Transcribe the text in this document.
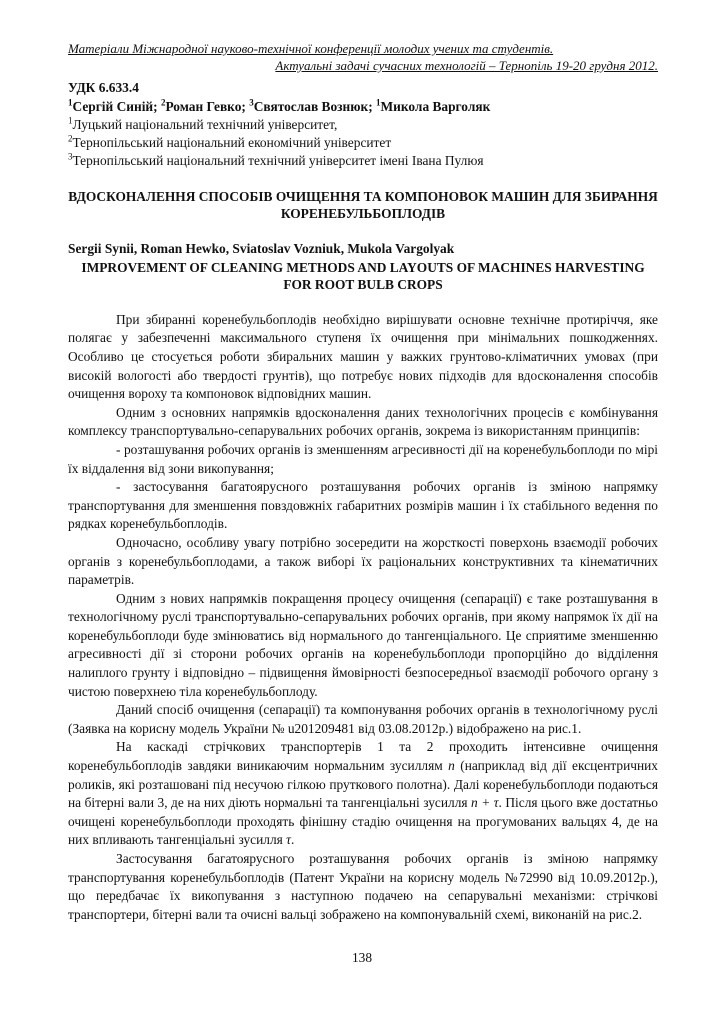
Матеріали Міжнародної науково-технічної конференції молодих учених та студентів.
Актуальні задачі сучасних технологій – Тернопіль 19-20 грудня 2012.
УДК 6.633.4
$^1$Сергій Синій; $^2$Роман Гевко; $^3$Святослав Вознюк; $^1$Микола Варголяк
$^1$Луцький національний технічний університет,
$^2$Тернопільський національний економічний університет
$^3$Тернопільський національний технічний університет імені Івана Пулюя
ВДОСКОНАЛЕННЯ СПОСОБІВ ОЧИЩЕННЯ ТА КОМПОНОВОК МАШИН ДЛЯ ЗБИРАННЯ КОРЕНЕБУЛЬБОПЛОДІВ
Sergii Synii, Roman Hewko, Sviatoslav Vozniuk, Mukola Vargolyak
IMPROVEMENT OF CLEANING METHODS AND LAYOUTS OF MACHINES HARVESTING FOR ROOT BULB CROPS

При збиранні коренебульбоплодів необхідно вирішувати основне технічне протиріччя, яке полягає у забезпеченні максимального ступеня їх очищення при мінімальних пошкодженнях. Особливо це стосується роботи збиральних машин у важких грунтово-кліматичних умовах (при високій вологості або твердості грунтів), що потребує нових підходів для вдосконалення способів очищення вороху та компоновок відповідних машин.

Одним з основних напрямків вдосконалення даних технологічних процесів є комбінування комплексу транспортувально-сепарувальних робочих органів, зокрема із використанням принципів:

- розташування робочих органів із зменшенням агресивності дії на коренебульбоплоди по мірі їх віддалення від зони викопування;

- застосування багатоярусного розташування робочих органів із зміною напрямку транспортування для зменшення повздовжніх габаритних розмірів машин і їх стабільного ведення по рядках коренебульбоплодів.

Одночасно, особливу увагу потрібно зосередити на жорсткості поверхонь взаємодії робочих органів з коренебульбоплодами, а також виборі їх раціональних конструктивних та кінематичних параметрів.

Одним з нових напрямків покращення процесу очищення (сепарації) є таке розташування в технологічному руслі транспортувально-сепарувальних робочих органів, при якому напрямок їх дії на коренебульбоплоди буде змінюватись від нормального до тангенціального. Це сприятиме зменшенню агресивності дії зі сторони робочих органів на коренебульбоплоди пропорційно до відділення налиплого грунту і відповідно – підвищення ймовірності безпосередньої взаємодії робочого органу з чистою поверхнею тіла коренебульбоплоду.

Даний спосіб очищення (сепарації) та компонування робочих органів в технологічному руслі (Заявка на корисну модель України № u201209481 від 03.08.2012р.) відображено на рис.1.

На каскаді стрічкових транспортерів 1 та 2 проходить інтенсивне очищення коренебульбоплодів завдяки виникаючим нормальним зусиллям n (наприклад від дії ексцентричних роликів, які розташовані під несучою гілкою пруткового полотна). Далі коренебульбоплоди подаються на бітерні вали 3, де на них діють нормальні та тангенціальні зусилля n + τ. Після цього вже достатньо очищені коренебульбоплоди проходять фінішну стадію очищення на прогумованих вальцях 4, де на них впливають тангенціальні зусилля τ.

Застосування багатоярусного розташування робочих органів із зміною напрямку транспортування коренебульбоплодів (Патент України на корисну модель №72990 від 10.09.2012р.), що передбачає їх викопування з наступною подачею на сепарувальні механізми: стрічкові транспортери, бітерні вали та очисні вальці зображено на компонувальній схемі, виконаній на рис.2.

138
